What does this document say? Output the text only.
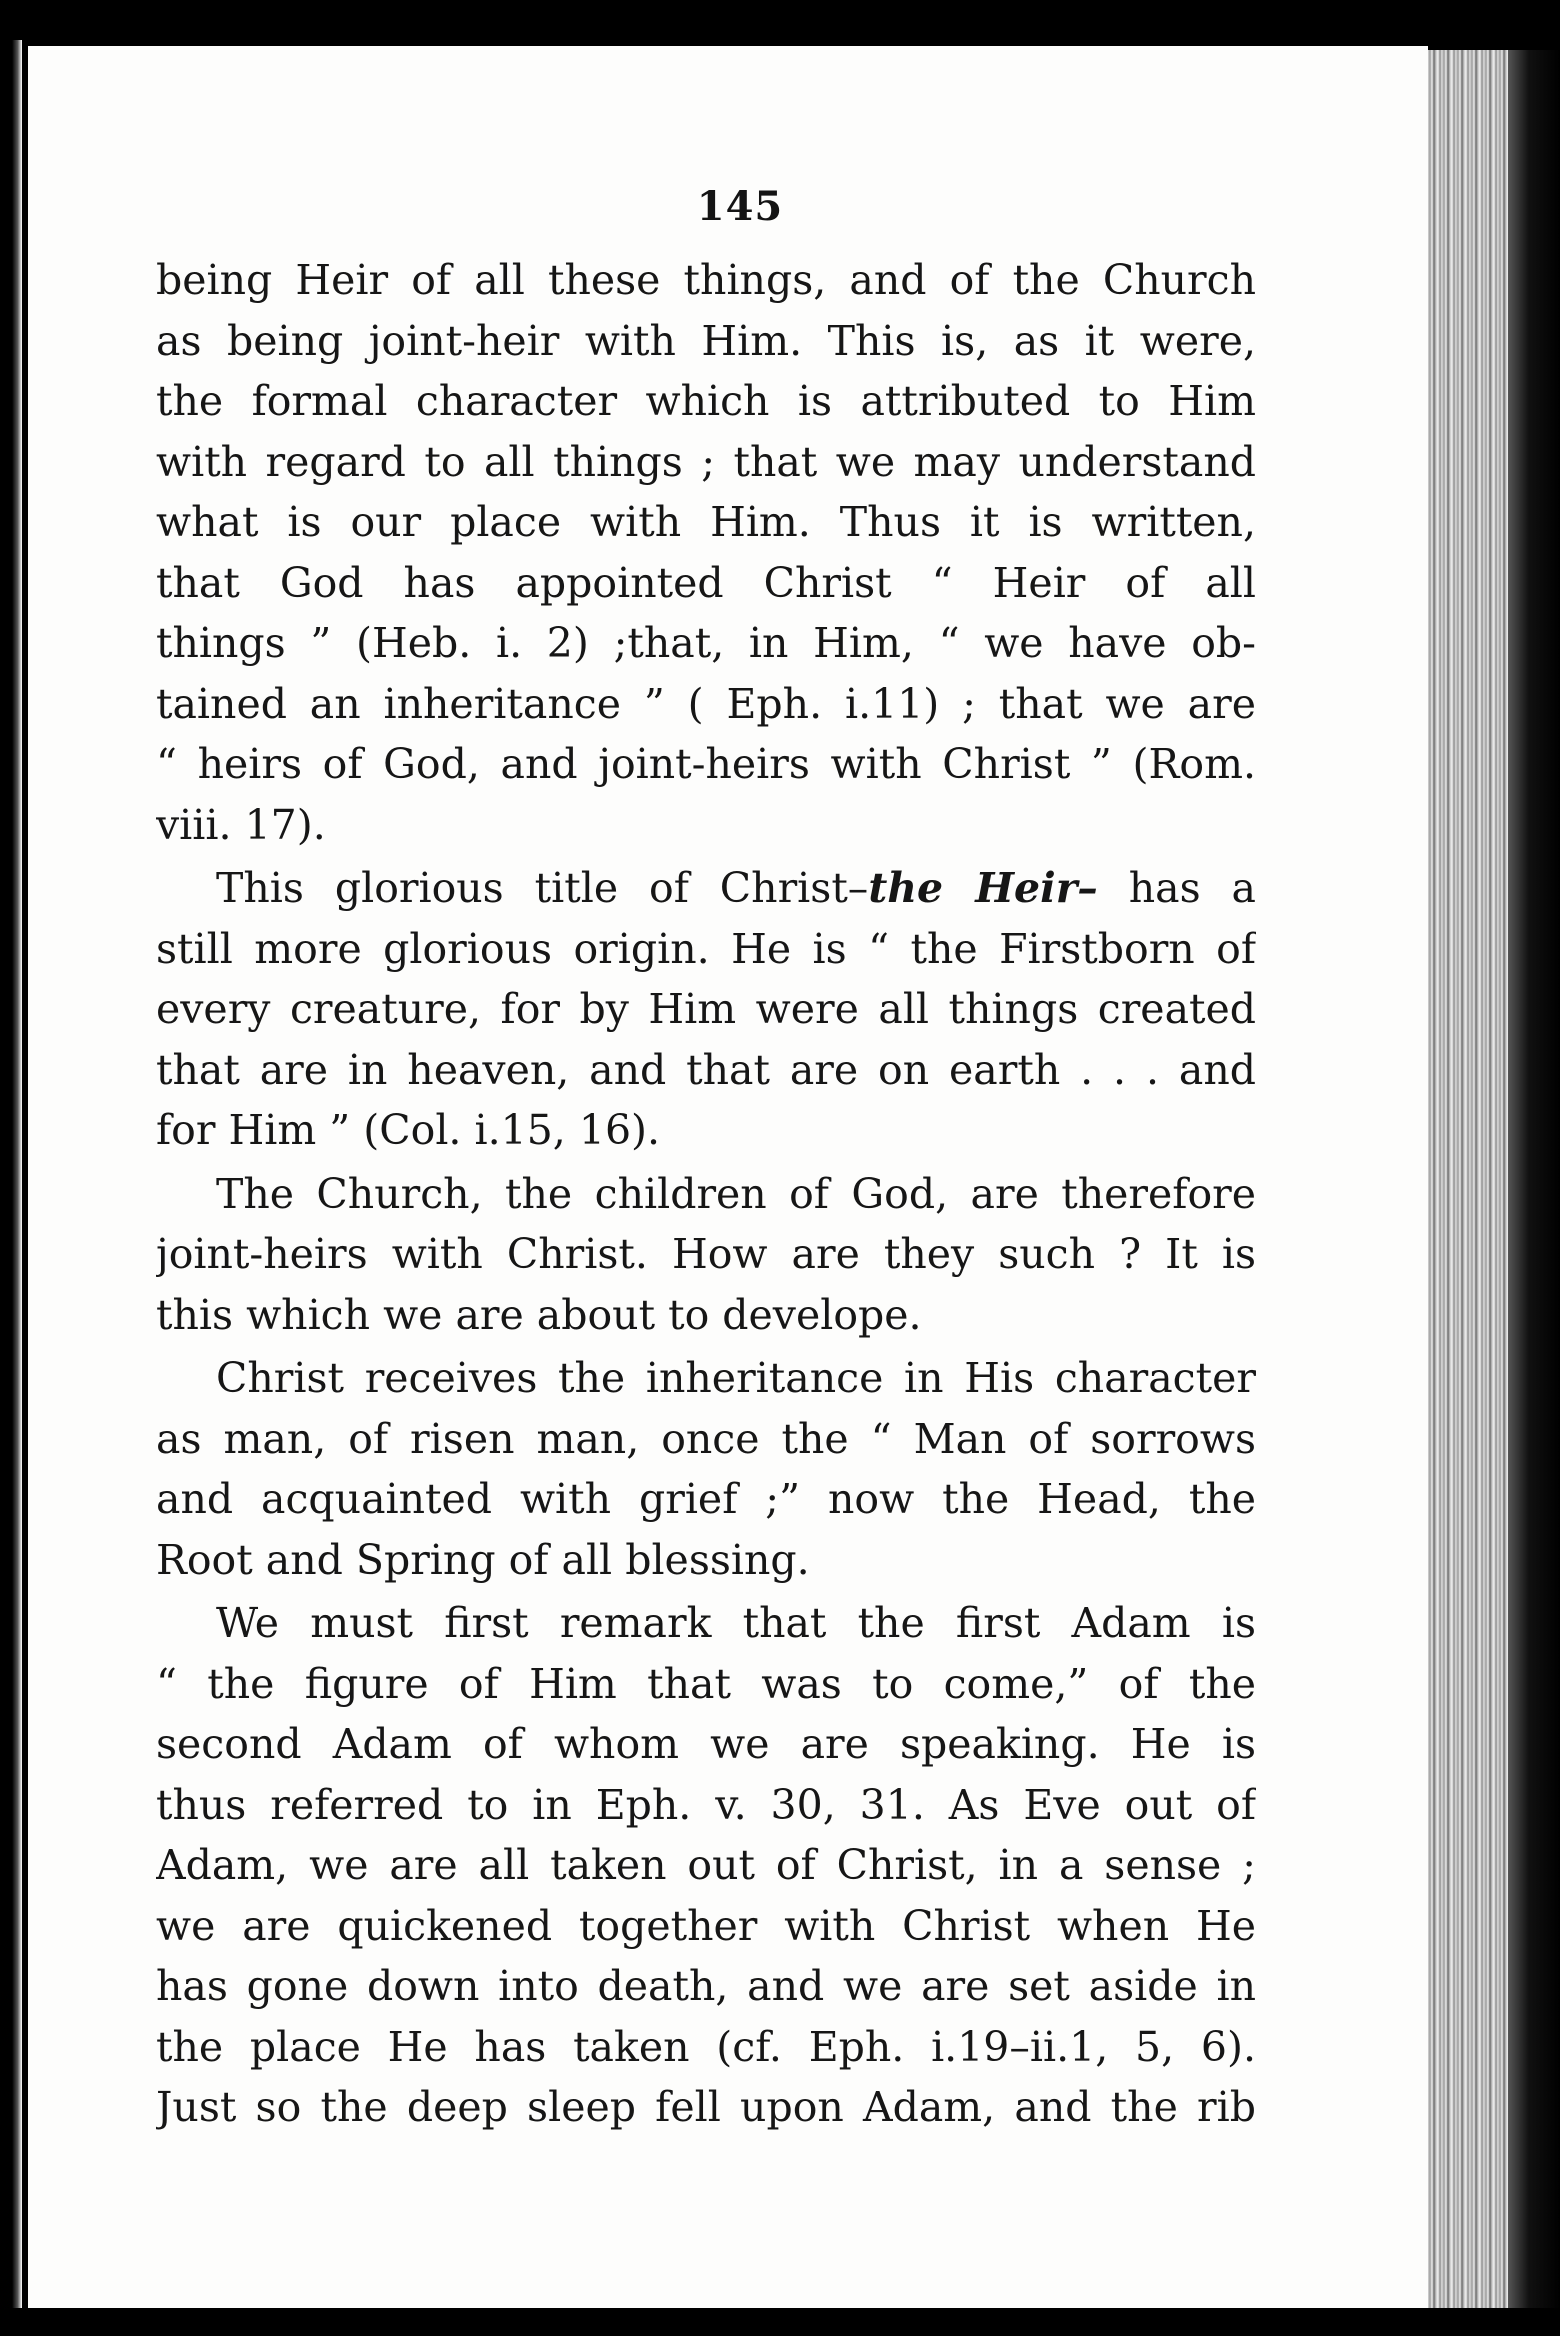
145
being Heir of all these things, and of the Church
as being joint-heir with Him. This is, as it were,
the formal character which is attributed to Him
with regard to all things ; that we may understand
what is our place with Him. Thus it is written,
that God has appointed Christ “ Heir of all
things ” (Heb. i. 2) ;that, in Him, “ we have ob-
tained an inheritance ” ( Eph. i.11) ; that we are
“ heirs of God, and joint-heirs with Christ ” (Rom.
viii. 17).
This glorious title of Christ–the Heir– has a
still more glorious origin. He is “ the Firstborn of
every creature, for by Him were all things created
that are in heaven, and that are on earth . . . and
for Him ” (Col. i.15, 16).
The Church, the children of God, are therefore
joint-heirs with Christ. How are they such ? It is
this which we are about to develope.
Christ receives the inheritance in His character
as man, of risen man, once the “ Man of sorrows
and acquainted with grief ;” now the Head, the
Root and Spring of all blessing.
We must first remark that the first Adam is
“ the figure of Him that was to come,” of the
second Adam of whom we are speaking. He is
thus referred to in Eph. v. 30, 31. As Eve out of
Adam, we are all taken out of Christ, in a sense ;
we are quickened together with Christ when He
has gone down into death, and we are set aside in
the place He has taken (cf. Eph. i.19–ii.1, 5, 6).
Just so the deep sleep fell upon Adam, and the rib
